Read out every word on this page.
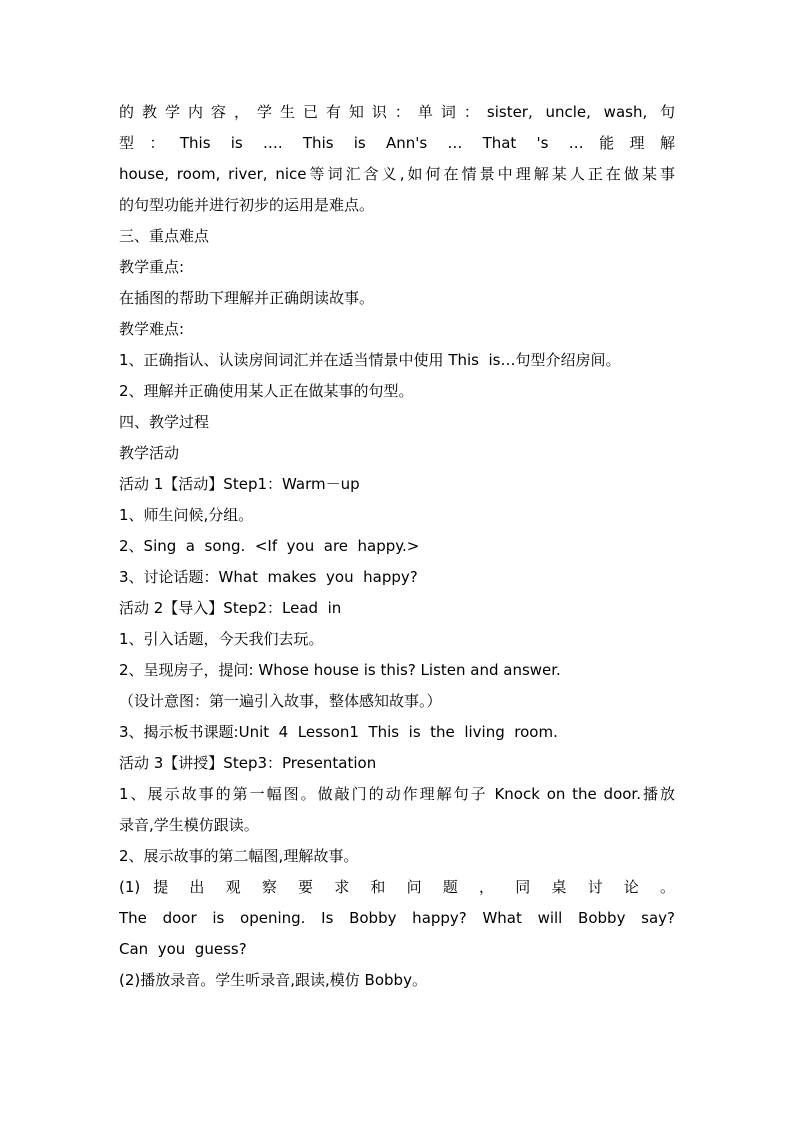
的教学内容，学生已有知识：单词：sister, uncle, wash, 句
型：This is …. This is Ann's … That 's …能理解
house, room, river, nice等词汇含义,如何在情景中理解某人正在做某事
的句型功能并进行初步的运用是难点。
三、重点难点
教学重点:
在插图的帮助下理解并正确朗读故事。
教学难点:
1、正确指认、认读房间词汇并在适当情景中使用 This  is…句型介绍房间。
2、理解并正确使用某人正在做某事的句型。
四、教学过程
教学活动
活动 1【活动】Step1：Warm－up
1、师生问候,分组。
2、Sing  a  song.  <If  you  are  happy.>
3、讨论话题：What  makes  you  happy?
活动 2【导入】Step2：Lead  in
1、引入话题，今天我们去玩。
2、呈现房子，提问: Whose house is this? Listen and answer.
（设计意图：第一遍引入故事，整体感知故事。）
3、揭示板书课题:Unit  4  Lesson1  This  is  the  living  room.
活动 3【讲授】Step3：Presentation
1、展示故事的第一幅图。做敲门的动作理解句子 Knock on the door.播放
录音,学生模仿跟读。
2、展示故事的第二幅图,理解故事。
(1) 提 出 观 察 要 求 和 问 题 ， 同 桌 讨 论 。
The door is opening. Is Bobby happy? What will Bobby say?
Can  you  guess?
(2)播放录音。学生听录音,跟读,模仿 Bobby。
